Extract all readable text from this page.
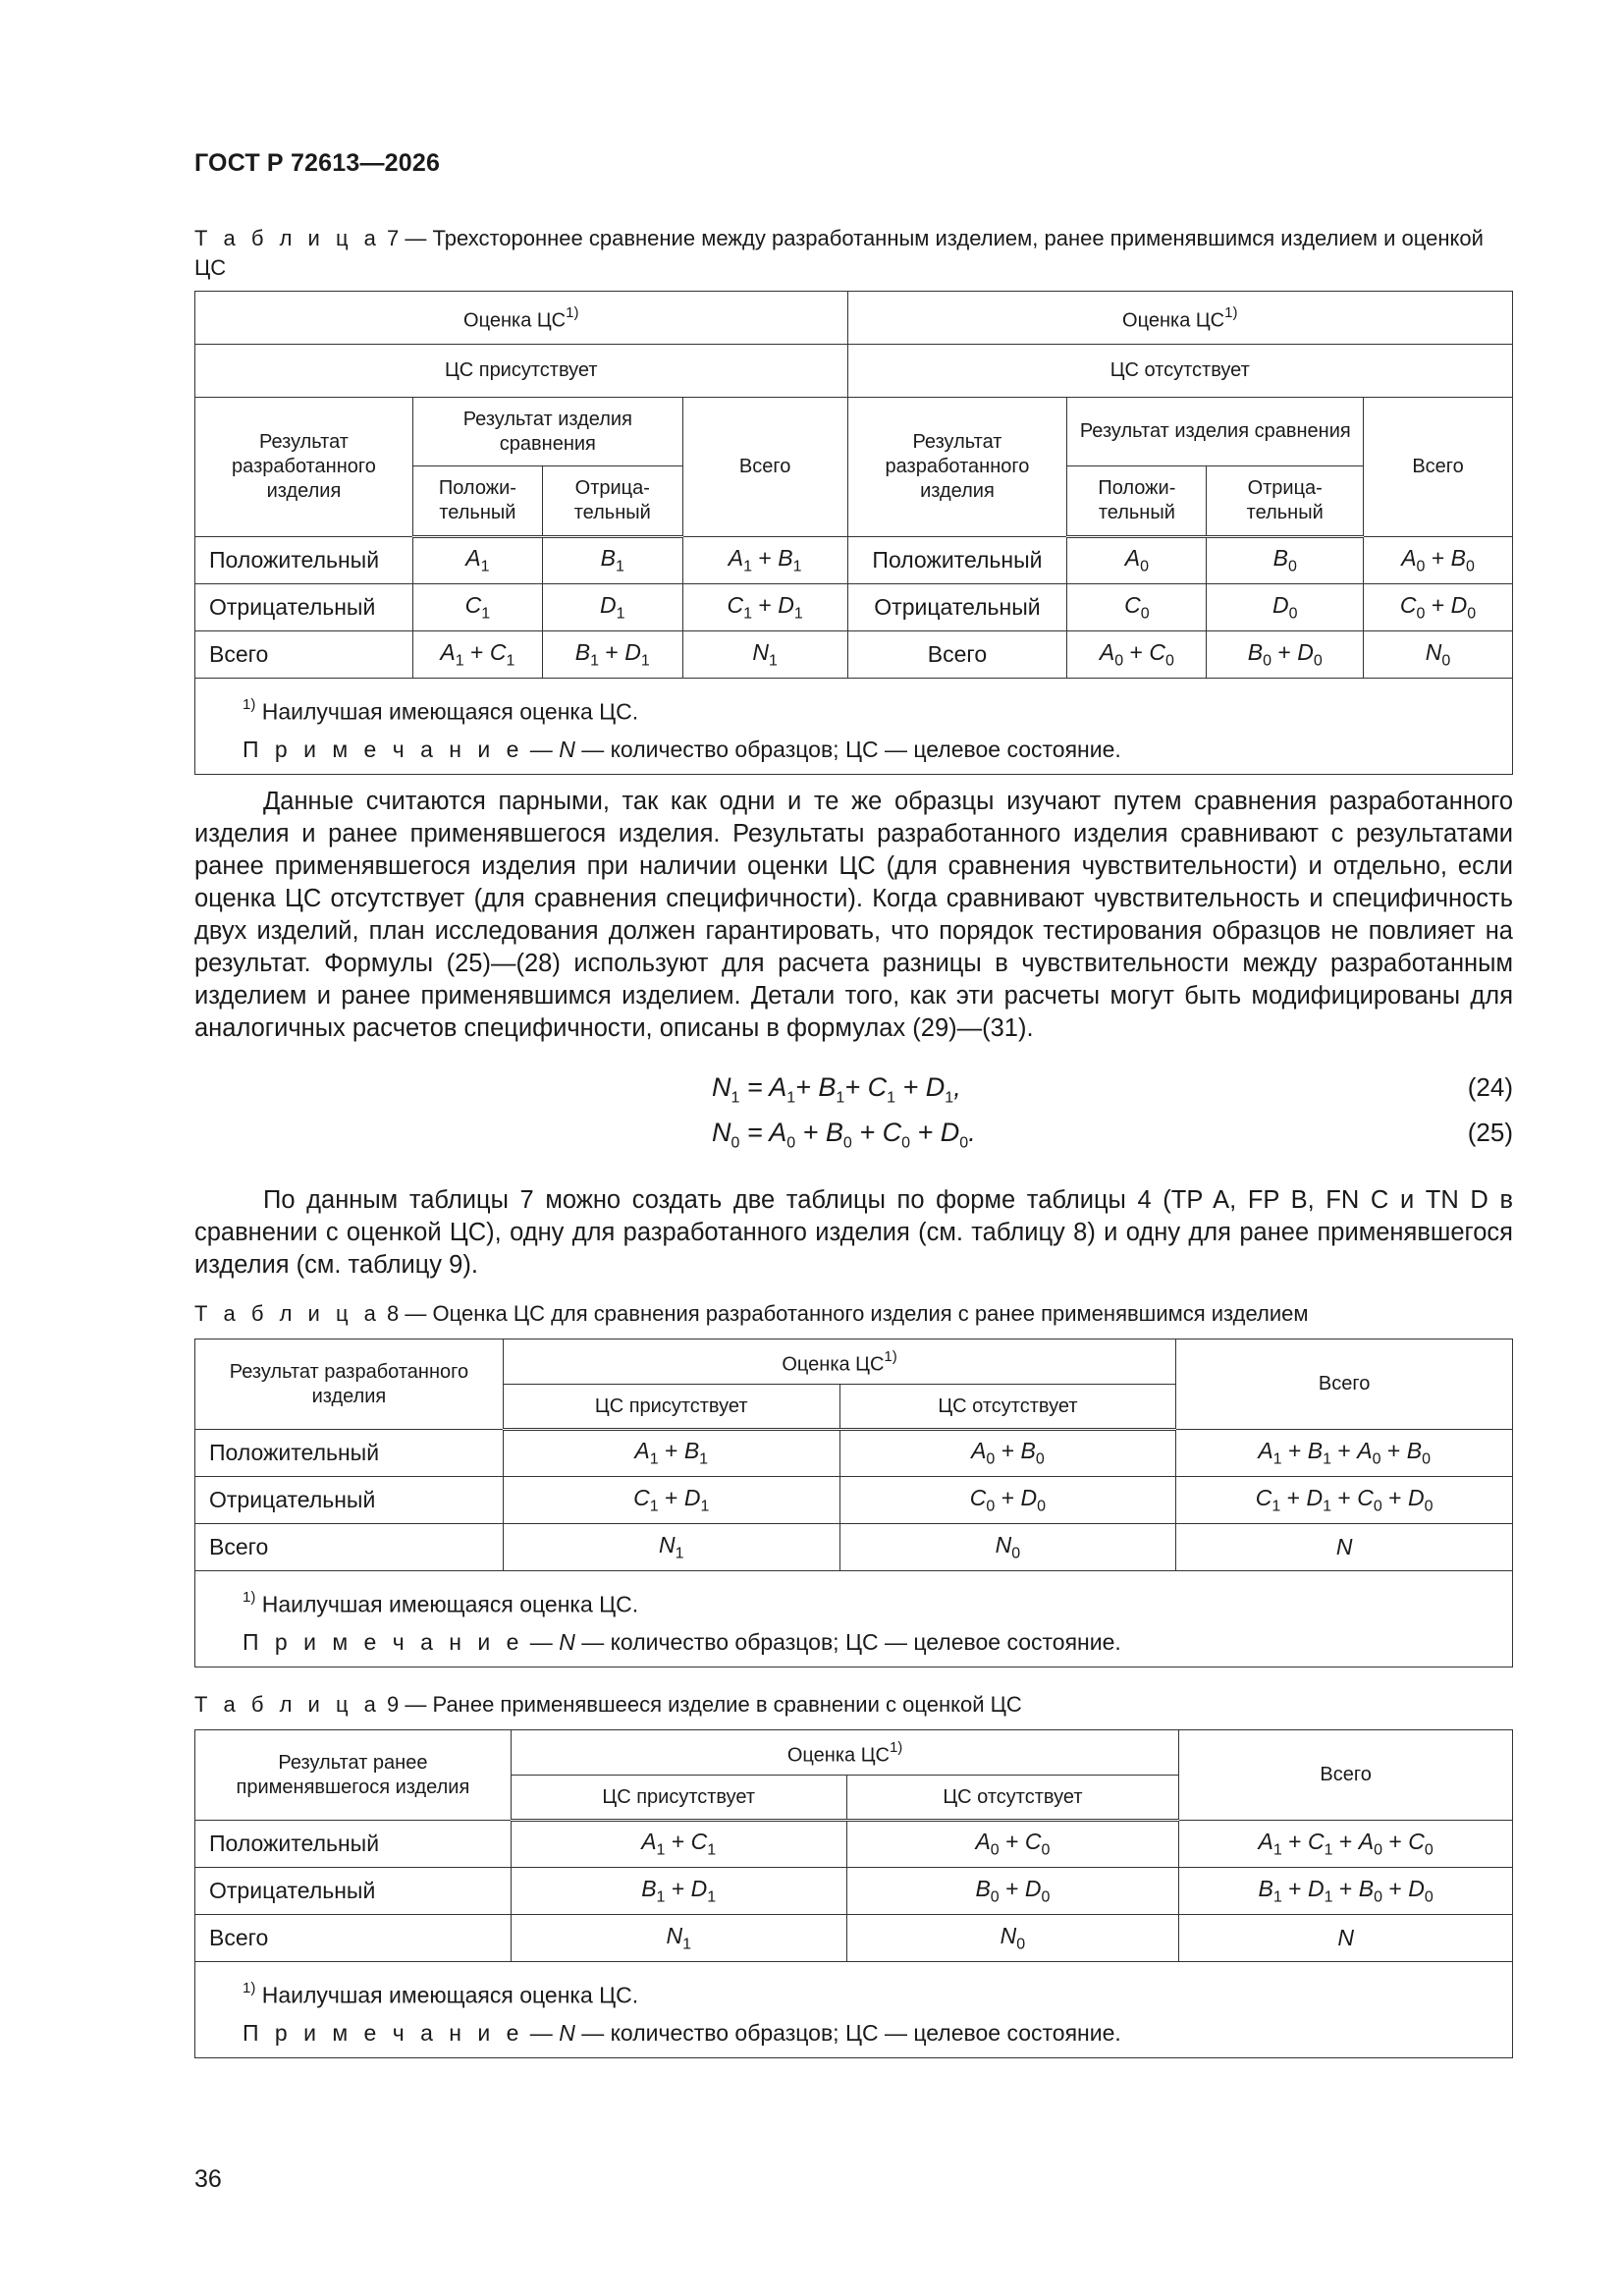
ГОСТ Р 72613—2026
Т а б л и ц а 7 — Трехстороннее сравнение между разработанным изделием, ранее применявшимся изделием и оценкой ЦС
Оценка ЦС$^{1)}$				Оценка ЦС$^{1)}$
ЦС присутствует				ЦС отсутствует			
Результат разработанного изделия	Результат изделия сравнения		Всего	Результат разработанного изделия	Результат изделия сравнения		Всего
	Положи-тельный	Отрица-тельный			Положи-тельный	Отрица-тельный	
Положительный	$A_1$	$B_1$	$A_1 + B_1$	Положительный	$A_0$	$B_0$	$A_0 + B_0$
Отрицательный	$C_1$	$D_1$	$C_1 + D_1$	Отрицательный	$C_0$	$D_0$	$C_0 + D_0$
Всего	$A_1 + C_1$	$B_1 + D_1$	$N_1$	Всего	$A_0 + C_0$	$B_0 + D_0$	$N_0$

$^{1)}$ Наилучшая имеющаяся оценка ЦС.
П р и м е ч а н и е — N — количество образцов; ЦС — целевое состояние.							
Данные считаются парными, так как одни и те же образцы изучают путем сравнения разработанного изделия и ранее применявшегося изделия. Результаты разработанного изделия сравнивают с результатами ранее применявшегося изделия при наличии оценки ЦС (для сравнения чувствительности) и отдельно, если оценка ЦС отсутствует (для сравнения специфичности). Когда сравнивают чувствительность и специфичность двух изделий, план исследования должен гарантировать, что порядок тестирования образцов не повлияет на результат. Формулы (25)—(28) используют для расчета разницы в чувствительности между разработанным изделием и ранее применявшимся изделием. Детали того, как эти расчеты могут быть модифицированы для аналогичных расчетов специфичности, описаны в формулах (29)—(31).
$N_1 = A_1+ B_1+ C_1 + D_1$,	(24)
$N_0 = A_0 + B_0 + C_0 + D_0$.	(25)
По данным таблицы 7 можно создать две таблицы по форме таблицы 4 (TP A, FP B, FN C и TN D в сравнении с оценкой ЦС), одну для разработанного изделия (см. таблицу 8) и одну для ранее применявшегося изделия (см. таблицу 9).
Т а б л и ц а 8 — Оценка ЦС для сравнения разработанного изделия с ранее применявшимся изделием
Результат разработанного изделия	Оценка ЦС$^{1)}$		Всего
	ЦС присутствует	ЦС отсутствует	
Положительный	$A_1 + B_1$	$A_0 + B_0$	$A_1 + B_1 + A_0 + B_0$
Отрицательный	$C_1 + D_1$	$C_0 + D_0$	$C_1 + D_1 + C_0 + D_0$
Всего	$N_1$	$N_0$	N

$^{1)}$ Наилучшая имеющаяся оценка ЦС.
П р и м е ч а н и е — N — количество образцов; ЦС — целевое состояние.			
Т а б л и ц а 9 — Ранее применявшееся изделие в сравнении с оценкой ЦС
Результат ранее применявшегося изделия	Оценка ЦС$^{1)}$		Всего
	ЦС присутствует	ЦС отсутствует	
Положительный	$A_1 + C_1$	$A_0 + C_0$	$A_1 + C_1 + A_0 + C_0$
Отрицательный	$B_1 + D_1$	$B_0 + D_0$	$B_1 + D_1 + B_0 + D_0$
Всего	$N_1$	$N_0$	N

$^{1)}$ Наилучшая имеющаяся оценка ЦС.
П р и м е ч а н и е — N — количество образцов; ЦС — целевое состояние.			
36
